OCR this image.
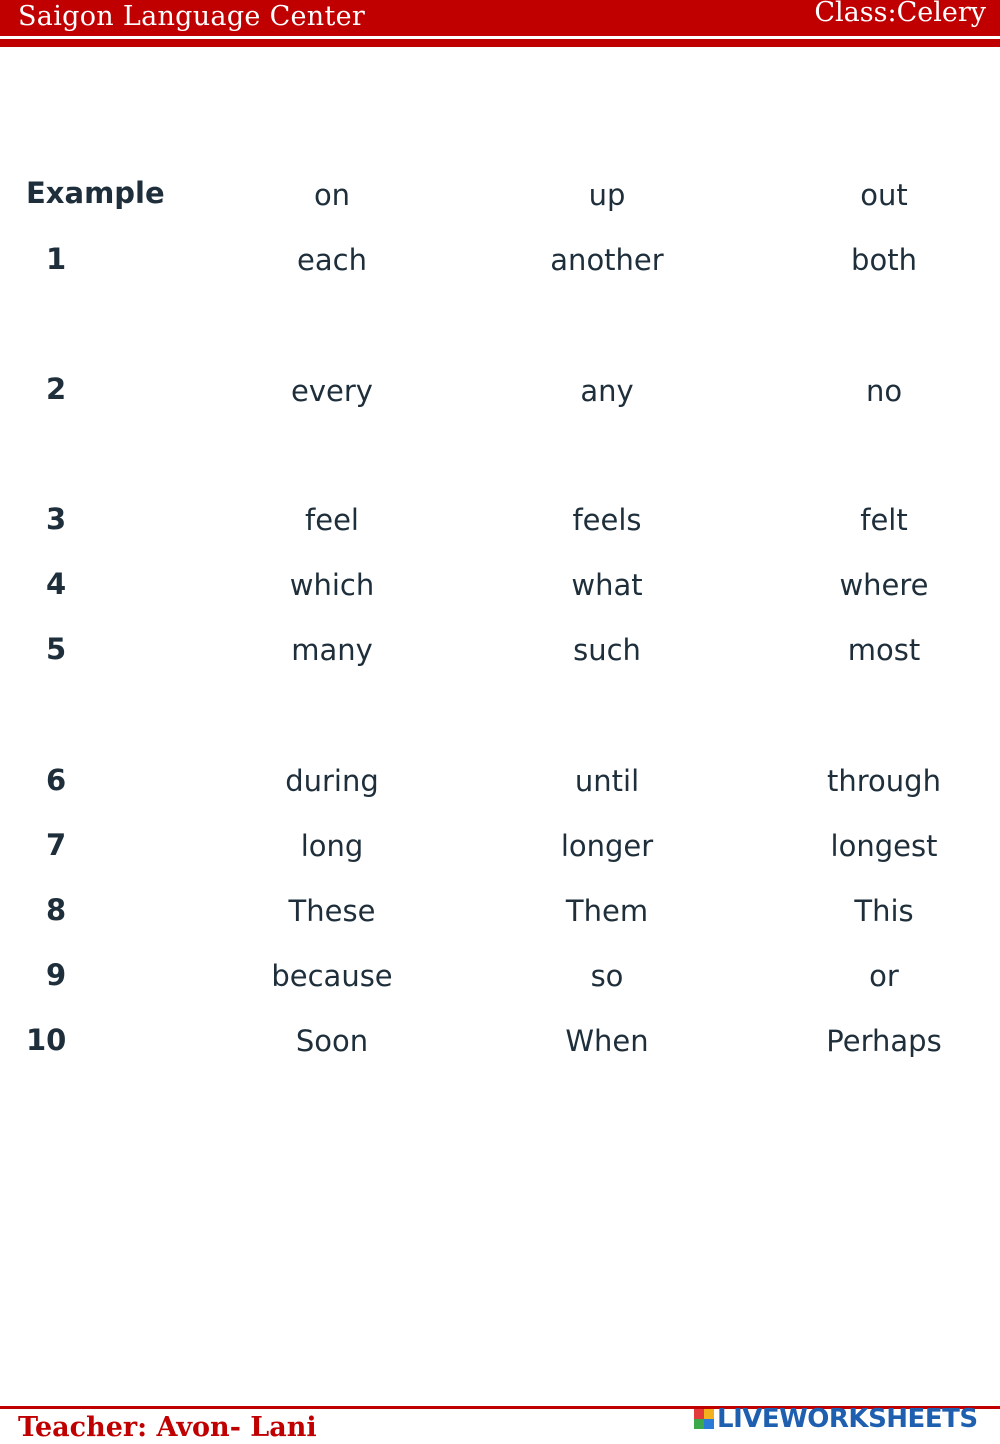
Saigon Language Center	Class:Celery
Example	on	up	out
1	each	another	both
2	every	any	no
3	feel	feels	felt
4	which	what	where
5	many	such	most
6	during	until	through
7	long	longer	longest
8	These	Them	This
9	because	so	or
10	Soon	When	Perhaps
Teacher: Avon- Lani	LIVEWORKSHEETS
